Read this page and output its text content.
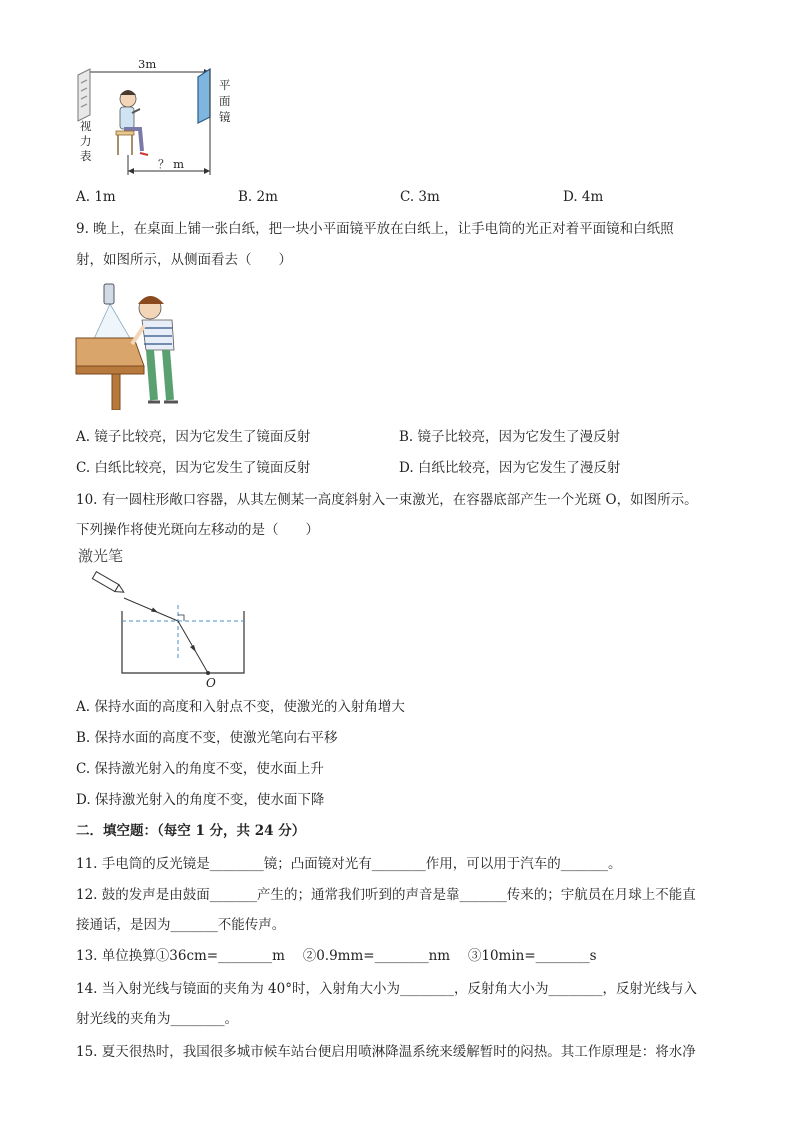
3m
视力表
平面镜
？ m
A. 1m	B. 2m	C. 3m	D. 4m
9. 晚上，在桌面上铺一张白纸，把一块小平面镜平放在白纸上，让手电筒的光正对着平面镜和白纸照
射，如图所示，从侧面看去（　　）
A. 镜子比较亮，因为它发生了镜面反射	B. 镜子比较亮，因为它发生了漫反射
C. 白纸比较亮，因为它发生了镜面反射	D. 白纸比较亮，因为它发生了漫反射
10. 有一圆柱形敞口容器，从其左侧某一高度斜射入一束激光，在容器底部产生一个光斑 O，如图所示。
下列操作将使光斑向左移动的是（　　）
激光笔
O
A. 保持水面的高度和入射点不变，使激光的入射角增大
B. 保持水面的高度不变，使激光笔向右平移
C. 保持激光射入的角度不变，使水面上升
D. 保持激光射入的角度不变，使水面下降
二．填空题：（每空 1 分，共 24 分）
11. 手电筒的反光镜是________镜；凸面镜对光有________作用，可以用于汽车的_______。
12. 鼓的发声是由鼓面_______产生的；通常我们听到的声音是靠_______传来的；宇航员在月球上不能直
接通话，是因为_______不能传声。
13. 单位换算①36cm=________m　 ②0.9mm=________nm　 ③10min=________s
14. 当入射光线与镜面的夹角为 40°时，入射角大小为________，反射角大小为________，反射光线与入
射光线的夹角为________。
15. 夏天很热时，我国很多城市候车站台便启用喷淋降温系统来缓解暂时的闷热。其工作原理是：将水净
